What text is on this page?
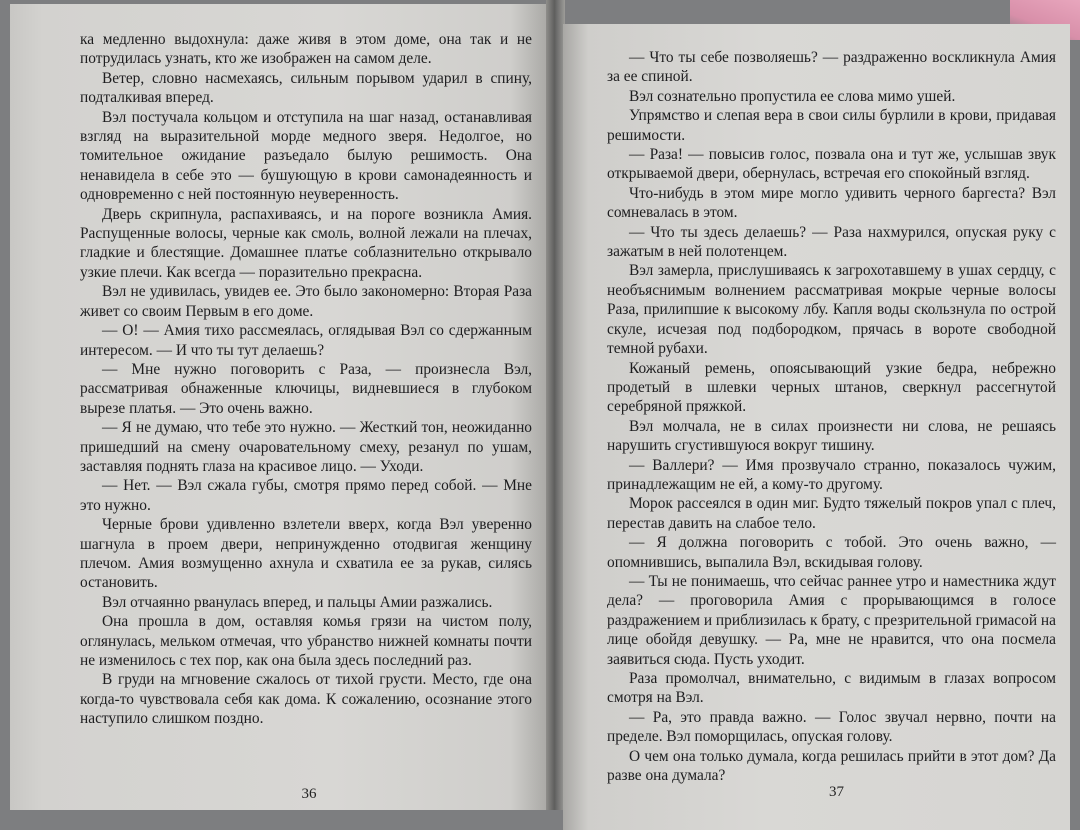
ка медленно выдохнула: даже живя в этом доме, она так и не потрудилась узнать, кто же изображен на самом деле.

Ветер, словно насмехаясь, сильным порывом ударил в спину, подталкивая вперед.

Вэл постучала кольцом и отступила на шаг назад, останавливая взгляд на выразительной морде медного зверя. Недолгое, но томительное ожидание разъедало былую решимость. Она ненавидела в себе это — бушующую в крови самонадеянность и одновременно с ней постоянную неуверенность.

Дверь скрипнула, распахиваясь, и на пороге возникла Амия. Распущенные волосы, черные как смоль, волной лежали на плечах, гладкие и блестящие. Домашнее платье соблазнительно открывало узкие плечи. Как всегда — поразительно прекрасна.

Вэл не удивилась, увидев ее. Это было закономерно: Вторая Раза живет со своим Первым в его доме.

— О! — Амия тихо рассмеялась, оглядывая Вэл со сдержанным интересом. — И что ты тут делаешь?

— Мне нужно поговорить с Раза, — произнесла Вэл, рассматривая обнаженные ключицы, видневшиеся в глубоком вырезе платья. — Это очень важно.

— Я не думаю, что тебе это нужно. — Жесткий тон, неожиданно пришедший на смену очаровательному смеху, резанул по ушам, заставляя поднять глаза на красивое лицо. — Уходи.

— Нет. — Вэл сжала губы, смотря прямо перед собой. — Мне это нужно.

Черные брови удивленно взлетели вверх, когда Вэл уверенно шагнула в проем двери, непринужденно отодвигая женщину плечом. Амия возмущенно ахнула и схватила ее за рукав, силясь остановить.

Вэл отчаянно рванулась вперед, и пальцы Амии разжались.

Она прошла в дом, оставляя комья грязи на чистом полу, оглянулась, мельком отмечая, что убранство нижней комнаты почти не изменилось с тех пор, как она была здесь последний раз.

В груди на мгновение сжалось от тихой грусти. Место, где она когда-то чувствовала себя как дома. К сожалению, осознание этого наступило слишком поздно.

36

— Что ты себе позволяешь? — раздраженно воскликнула Амия за ее спиной.

Вэл сознательно пропустила ее слова мимо ушей.

Упрямство и слепая вера в свои силы бурлили в крови, придавая решимости.

— Раза! — повысив голос, позвала она и тут же, услышав звук открываемой двери, обернулась, встречая его спокойный взгляд.

Что-нибудь в этом мире могло удивить черного баргеста? Вэл сомневалась в этом.

— Что ты здесь делаешь? — Раза нахмурился, опуская руку с зажатым в ней полотенцем.

Вэл замерла, прислушиваясь к загрохотавшему в ушах сердцу, с необъяснимым волнением рассматривая мокрые черные волосы Раза, прилипшие к высокому лбу. Капля воды скользнула по острой скуле, исчезая под подбородком, прячась в вороте свободной темной рубахи.

Кожаный ремень, опоясывающий узкие бедра, небрежно продетый в шлевки черных штанов, сверкнул рассегнутой серебряной пряжкой.

Вэл молчала, не в силах произнести ни слова, не решаясь нарушить сгустившуюся вокруг тишину.

— Валлери? — Имя прозвучало странно, показалось чужим, принадлежащим не ей, а кому-то другому.

Морок рассеялся в один миг. Будто тяжелый покров упал с плеч, перестав давить на слабое тело.

— Я должна поговорить с тобой. Это очень важно, — опомнившись, выпалила Вэл, вскидывая голову.

— Ты не понимаешь, что сейчас раннее утро и наместника ждут дела? — проговорила Амия с прорывающимся в голосе раздражением и приблизилась к брату, с презрительной гримасой на лице обойдя девушку. — Ра, мне не нравится, что она посмела заявиться сюда. Пусть уходит.

Раза промолчал, внимательно, с видимым в глазах вопросом смотря на Вэл.

— Ра, это правда важно. — Голос звучал нервно, почти на пределе. Вэл поморщилась, опуская голову.

О чем она только думала, когда решилась прийти в этот дом? Да разве она думала?

37
